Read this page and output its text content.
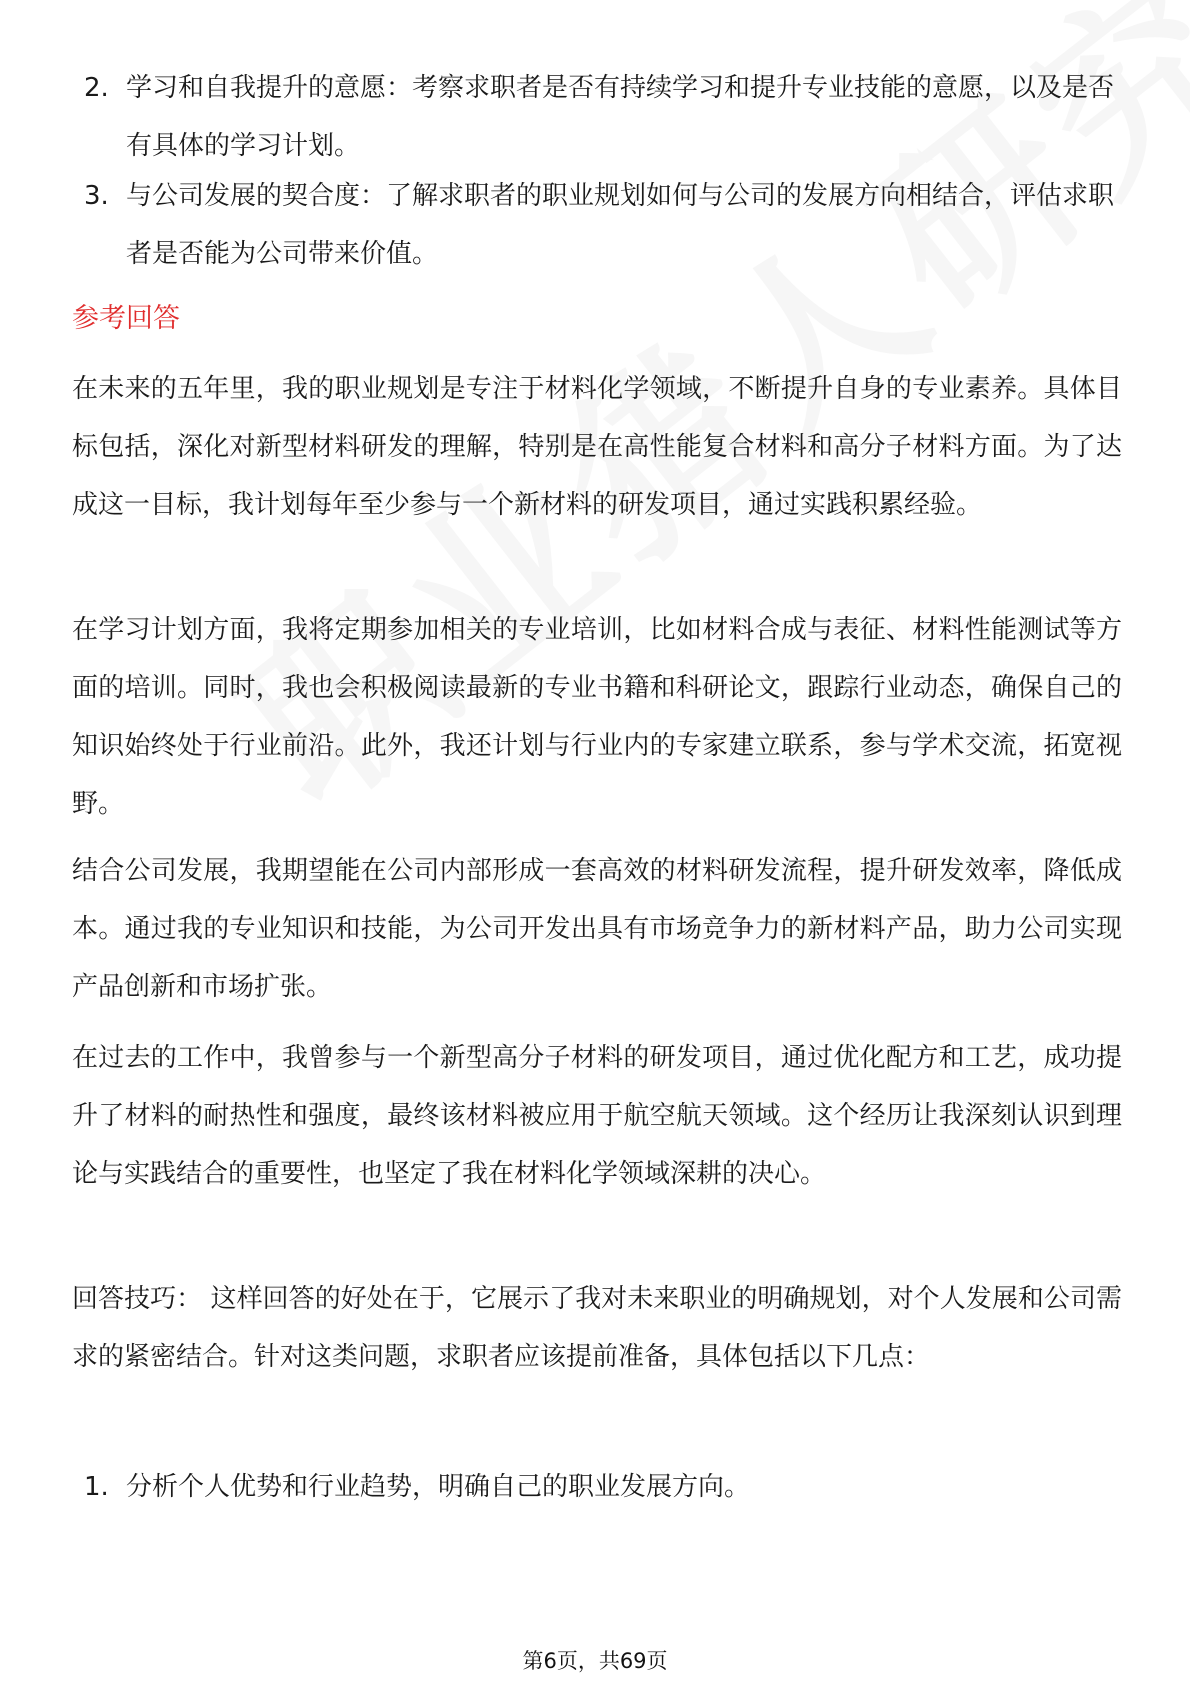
2. 学习和自我提升的意愿：考察求职者是否有持续学习和提升专业技能的意愿，以及是否有具体的学习计划。
3. 与公司发展的契合度：了解求职者的职业规划如何与公司的发展方向相结合，评估求职者是否能为公司带来价值。
参考回答
在未来的五年里，我的职业规划是专注于材料化学领域，不断提升自身的专业素养。具体目标包括，深化对新型材料研发的理解，特别是在高性能复合材料和高分子材料方面。为了达成这一目标，我计划每年至少参与一个新材料的研发项目，通过实践积累经验。
在学习计划方面，我将定期参加相关的专业培训，比如材料合成与表征、材料性能测试等方面的培训。同时，我也会积极阅读最新的专业书籍和科研论文，跟踪行业动态，确保自己的知识始终处于行业前沿。此外，我还计划与行业内的专家建立联系，参与学术交流，拓宽视野。
结合公司发展，我期望能在公司内部形成一套高效的材料研发流程，提升研发效率，降低成本。通过我的专业知识和技能，为公司开发出具有市场竞争力的新材料产品，助力公司实现产品创新和市场扩张。
在过去的工作中，我曾参与一个新型高分子材料的研发项目，通过优化配方和工艺，成功提升了材料的耐热性和强度，最终该材料被应用于航空航天领域。这个经历让我深刻认识到理论与实践结合的重要性，也坚定了我在材料化学领域深耕的决心。
回答技巧： 这样回答的好处在于，它展示了我对未来职业的明确规划，对个人发展和公司需求的紧密结合。针对这类问题，求职者应该提前准备，具体包括以下几点：
1. 分析个人优势和行业趋势，明确自己的职业发展方向。
第6页，共69页
